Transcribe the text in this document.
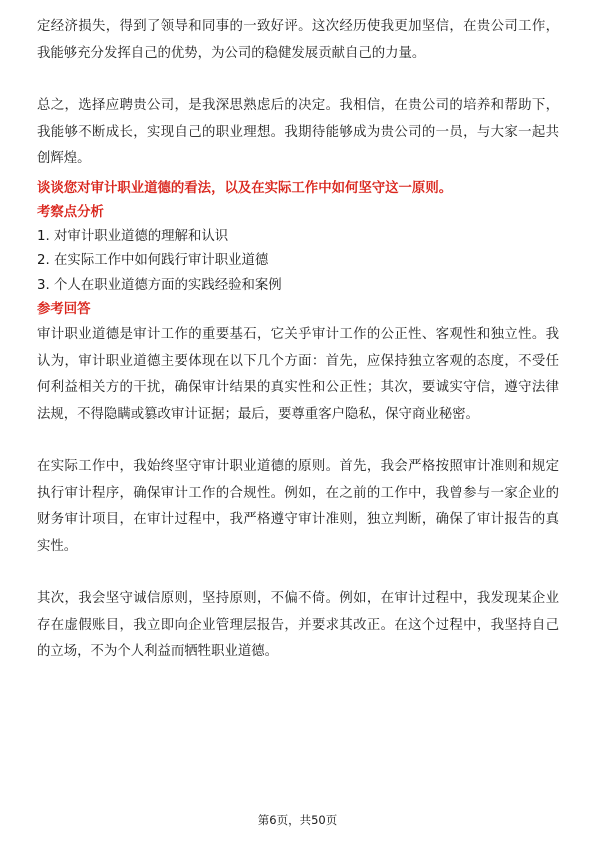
定经济损失，得到了领导和同事的一致好评。这次经历使我更加坚信，在贵公司工作，我能够充分发挥自己的优势，为公司的稳健发展贡献自己的力量。

总之，选择应聘贵公司，是我深思熟虑后的决定。我相信，在贵公司的培养和帮助下，我能够不断成长，实现自己的职业理想。我期待能够成为贵公司的一员，与大家一起共创辉煌。

谈谈您对审计职业道德的看法，以及在实际工作中如何坚守这一原则。

考察点分析

1. 对审计职业道德的理解和认识

2. 在实际工作中如何践行审计职业道德

3. 个人在职业道德方面的实践经验和案例

参考回答

审计职业道德是审计工作的重要基石，它关乎审计工作的公正性、客观性和独立性。我认为，审计职业道德主要体现在以下几个方面：首先，应保持独立客观的态度，不受任何利益相关方的干扰，确保审计结果的真实性和公正性；其次，要诚实守信，遵守法律法规，不得隐瞒或篡改审计证据；最后，要尊重客户隐私，保守商业秘密。

在实际工作中，我始终坚守审计职业道德的原则。首先，我会严格按照审计准则和规定执行审计程序，确保审计工作的合规性。例如，在之前的工作中，我曾参与一家企业的财务审计项目，在审计过程中，我严格遵守审计准则，独立判断，确保了审计报告的真实性。

其次，我会坚守诚信原则，坚持原则，不偏不倚。例如，在审计过程中，我发现某企业存在虚假账目，我立即向企业管理层报告，并要求其改正。在这个过程中，我坚持自己的立场，不为个人利益而牺牲职业道德。

第6页，共50页
